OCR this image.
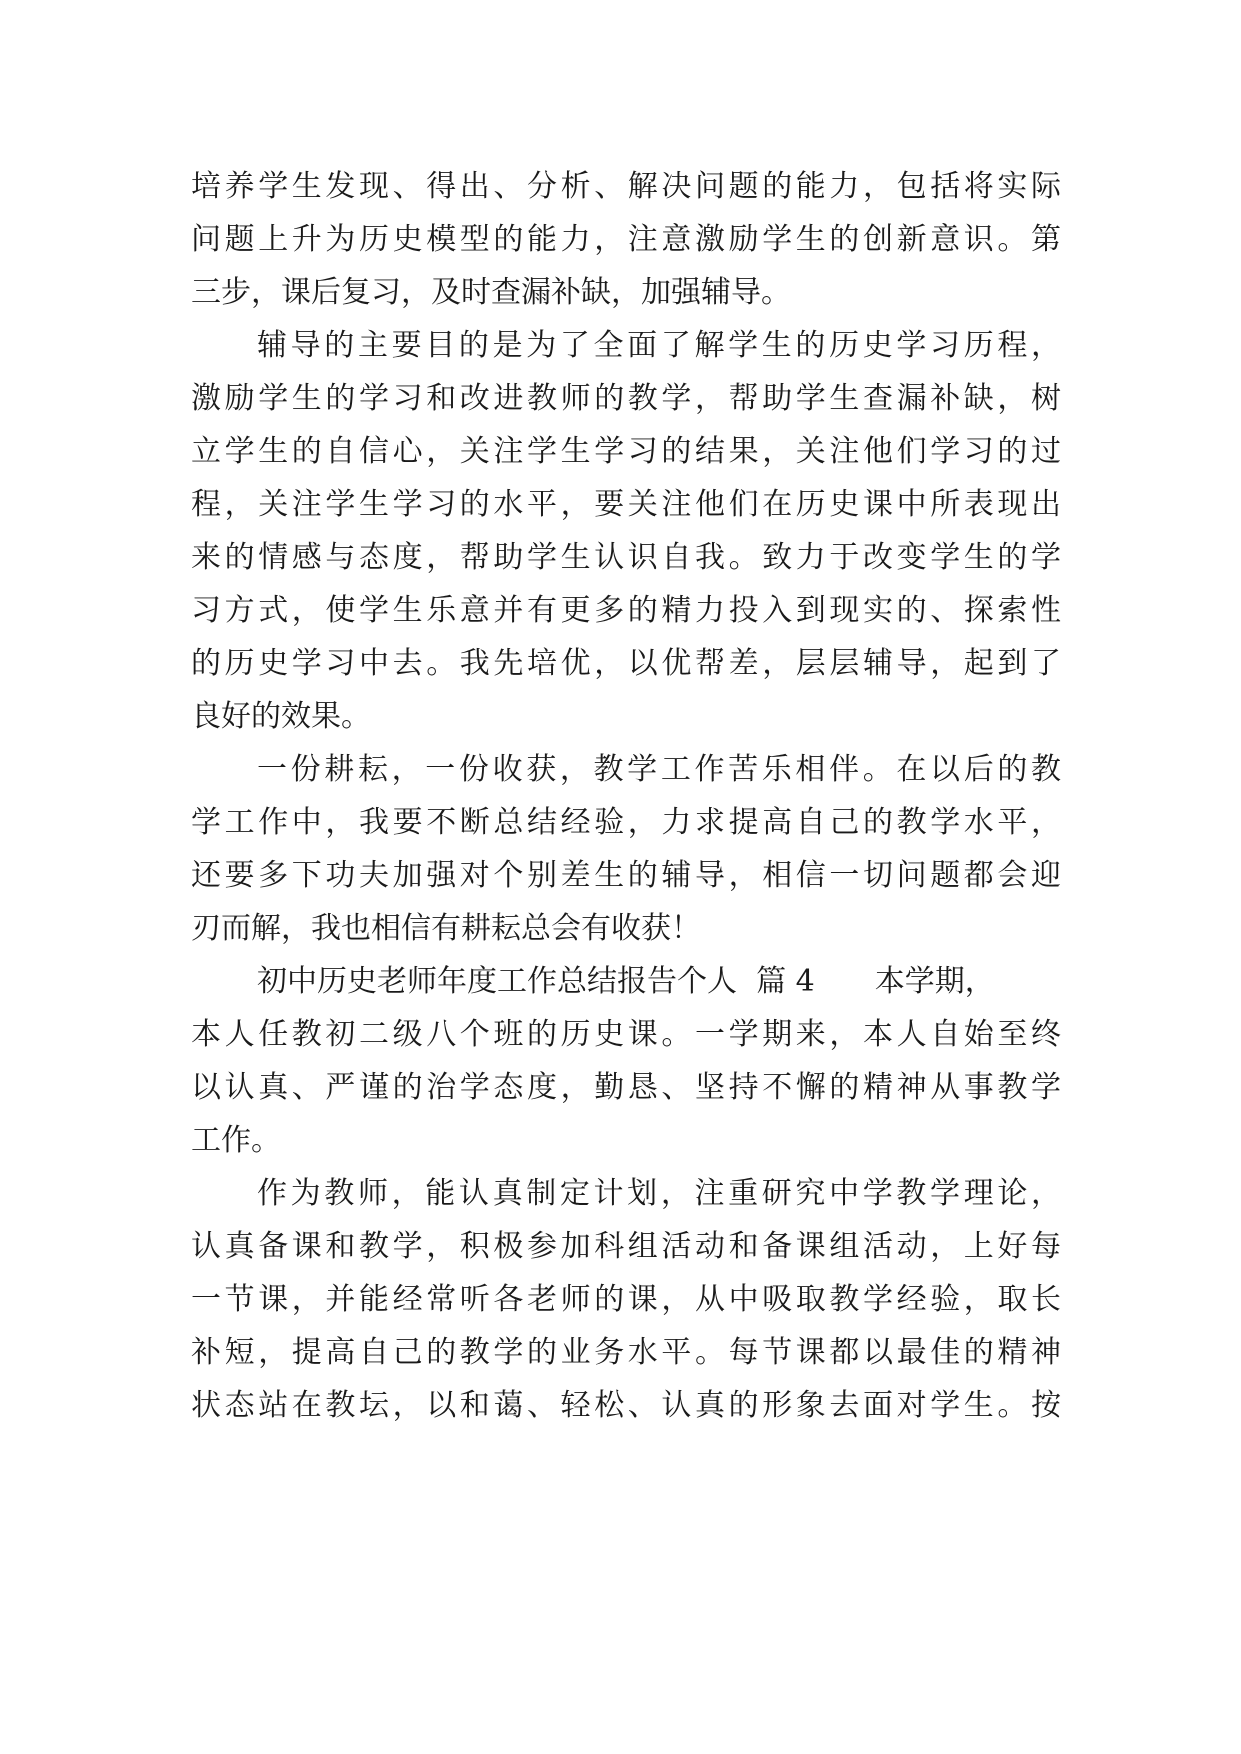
培养学生发现、得出、分析、解决问题的能力，包括将实际
问题上升为历史模型的能力，注意激励学生的创新意识。第
三步，课后复习，及时查漏补缺，加强辅导。
辅导的主要目的是为了全面了解学生的历史学习历程，
激励学生的学习和改进教师的教学，帮助学生查漏补缺，树
立学生的自信心，关注学生学习的结果，关注他们学习的过
程，关注学生学习的水平，要关注他们在历史课中所表现出
来的情感与态度，帮助学生认识自我。致力于改变学生的学
习方式，使学生乐意并有更多的精力投入到现实的、探索性
的历史学习中去。我先培优，以优帮差，层层辅导，起到了
良好的效果。
一份耕耘，一份收获，教学工作苦乐相伴。在以后的教
学工作中，我要不断总结经验，力求提高自己的教学水平，
还要多下功夫加强对个别差生的辅导，相信一切问题都会迎
刃而解，我也相信有耕耘总会有收获！
初中历史老师年度工作总结报告个人 篇 4 本学期，
本人任教初二级八个班的历史课。一学期来，本人自始至终
以认真、严谨的治学态度，勤恳、坚持不懈的精神从事教学
工作。
作为教师，能认真制定计划，注重研究中学教学理论，
认真备课和教学，积极参加科组活动和备课组活动，上好每
一节课，并能经常听各老师的课，从中吸取教学经验，取长
补短，提高自己的教学的业务水平。每节课都以最佳的精神
状态站在教坛，以和蔼、轻松、认真的形象去面对学生。按
